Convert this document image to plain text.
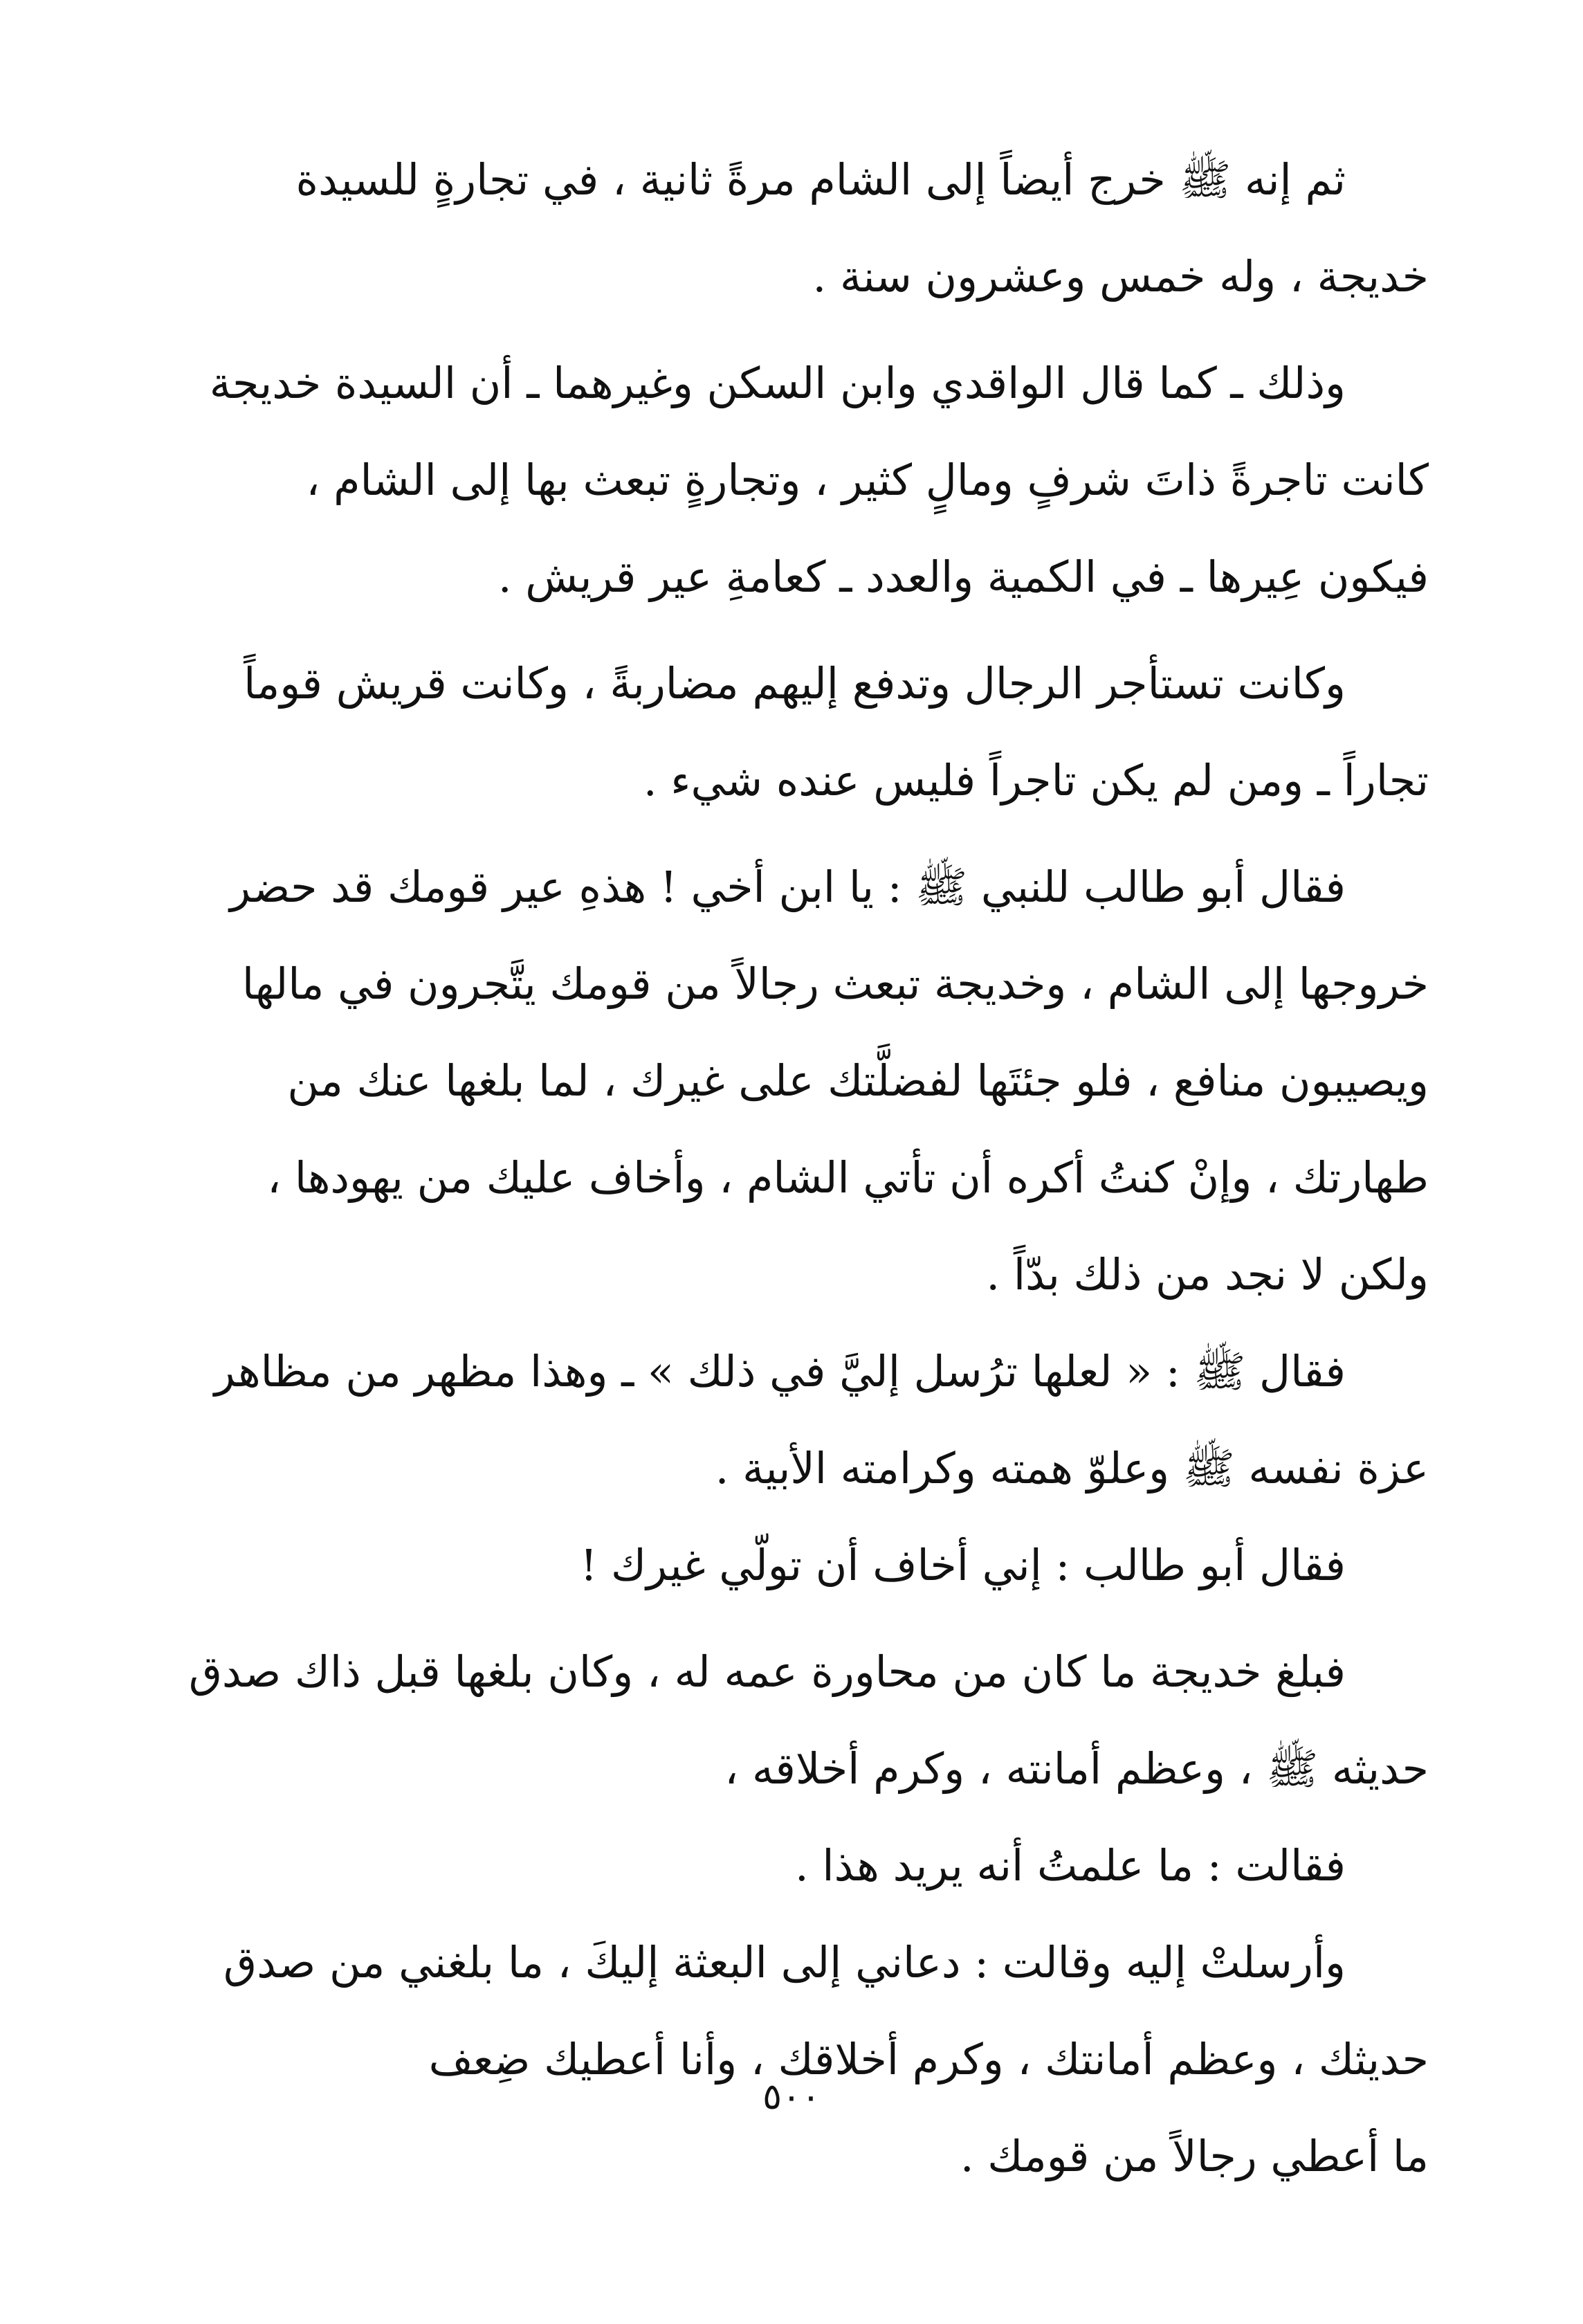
ثم إنه ﷺ خرج أيضاً إلى الشام مرةً ثانية ، في تجارةٍ للسيدة
خديجة ، وله خمس وعشرون سنة .
وذلك ـ كما قال الواقدي وابن السكن وغيرهما ـ أن السيدة خديجة
كانت تاجرةً ذاتَ شرفٍ ومالٍ كثير ، وتجارةٍ تبعث بها إلى الشام ،
فيكون عِيرها ـ في الكمية والعدد ـ كعامةِ عير قريش .
وكانت تستأجر الرجال وتدفع إليهم مضاربةً ، وكانت قريش قوماً
تجاراً ـ ومن لم يكن تاجراً فليس عنده شيء .
فقال أبو طالب للنبي ﷺ : يا ابن أخي ! هذهِ عير قومك قد حضر
خروجها إلى الشام ، وخديجة تبعث رجالاً من قومك يتَّجرون في مالها
ويصيبون منافع ، فلو جئتَها لفضلَّتك على غيرك ، لما بلغها عنك من
طهارتك ، وإنْ كنتُ أكره أن تأتي الشام ، وأخاف عليك من يهودها ،
ولكن لا نجد من ذلك بدّاً .
فقال ﷺ : « لعلها ترُسل إليَّ في ذلك » ـ وهذا مظهر من مظاهر
عزة نفسه ﷺ وعلوّ همته وكرامته الأبية .
فقال أبو طالب : إني أخاف أن تولّي غيرك !
فبلغ خديجة ما كان من محاورة عمه له ، وكان بلغها قبل ذاك صدق
حديثه ﷺ ، وعظم أمانته ، وكرم أخلاقه ،
فقالت : ما علمتُ أنه يريد هذا .
وأرسلتْ إليه وقالت : دعاني إلى البعثة إليكَ ، ما بلغني من صدق
حديثك ، وعظم أمانتك ، وكرم أخلاقك ، وأنا أعطيك ضِعف
ما أعطي رجالاً من قومك .
٥٠٠
